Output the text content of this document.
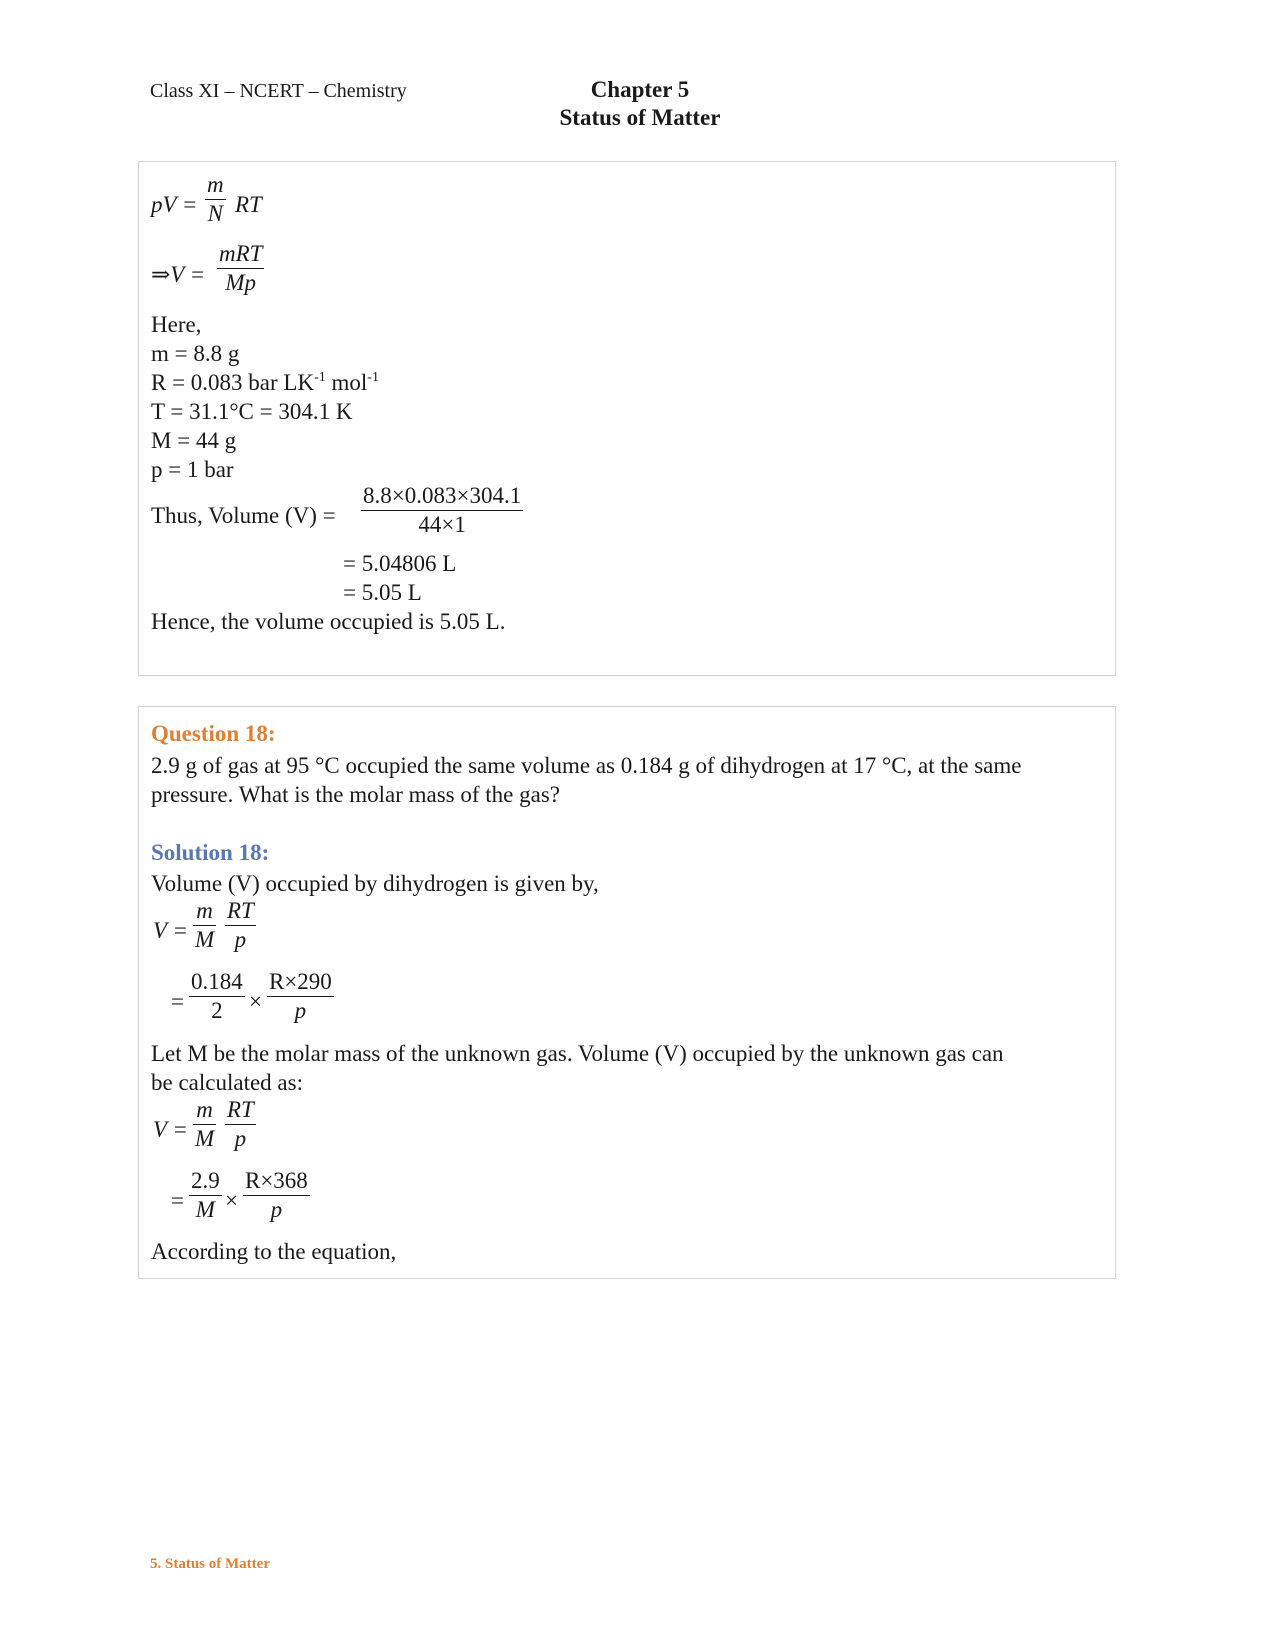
Class XI – NCERT – Chemistry	Chapter 5
Status of Matter
pV =
m
N RT
⇒V =
mRT
Mp
Here,
m = 8.8 g
R = 0.083 bar $LK^{-1}$ mol$^{-1}$
T = 31.1°C = 304.1 K
M = 44 g
p = 1 bar
Thus, Volume (V) =
8.8×0.083×304.1
44×1
= 5.04806 L
= 5.05 L
Hence, the volume occupied is 5.05 L.
Question 18:
2.9 g of gas at 95 °C occupied the same volume as 0.184 g of dihydrogen at 17 °C, at the same
pressure. What is the molar mass of the gas?
Solution 18:
Volume (V) occupied by dihydrogen is given by,
V =
m
M
RT
p
=
0.184
2	×
R×290
p
Let M be the molar mass of the unknown gas. Volume (V) occupied by the unknown gas can
be calculated as:
V =
m
M
RT
p
=
2.9
M ×
R×368
p
According to the equation,
5. Status of Matter
